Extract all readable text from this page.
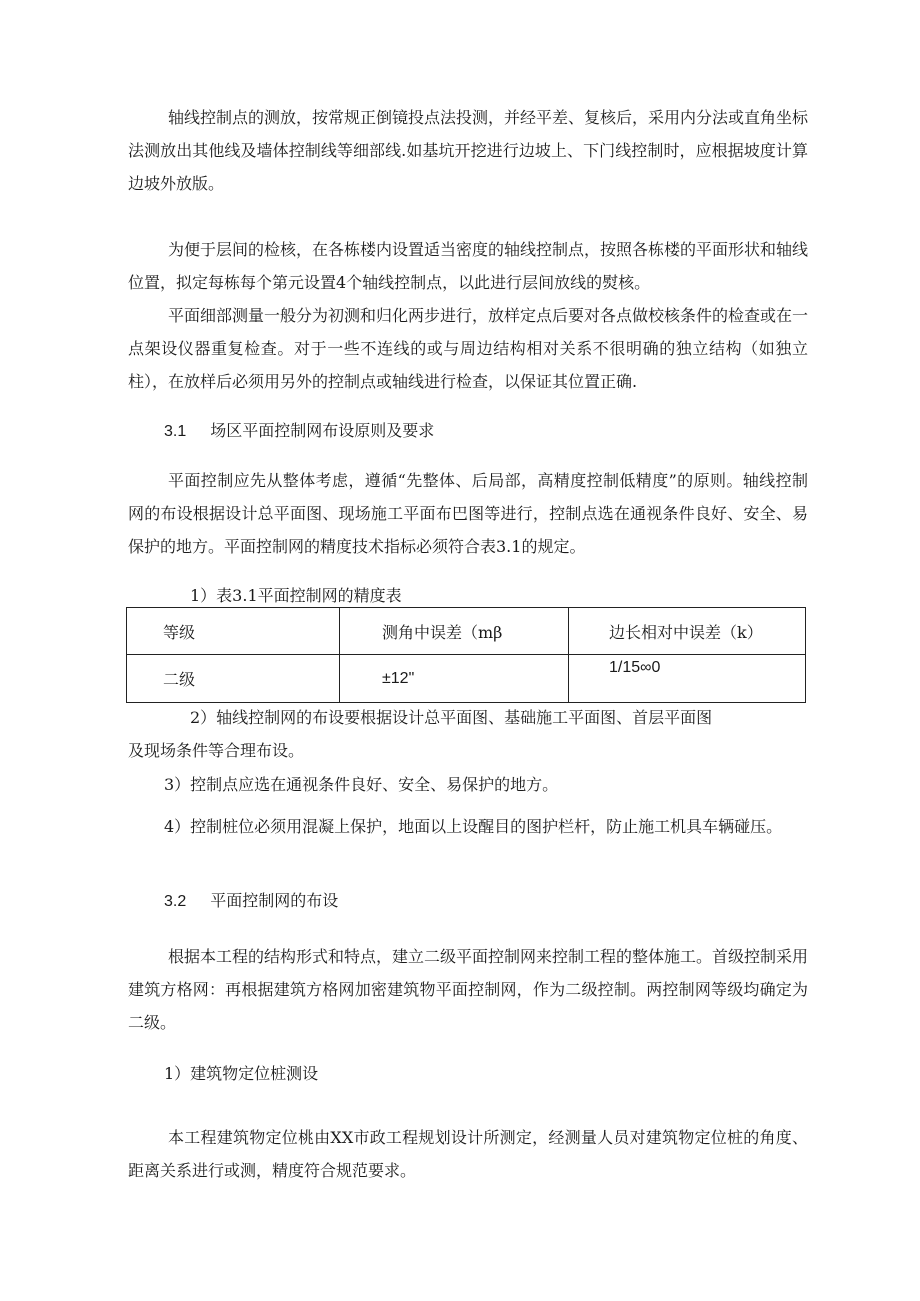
轴线控制点的测放，按常规正倒镜投点法投测，并经平差、复核后，采用内分法或直角坐标法测放出其他线及墙体控制线等细部线.如基坑开挖进行边坡上、下门线控制时，应根据坡度计算边坡外放版。

为便于层间的检核，在各栋楼内设置适当密度的轴线控制点，按照各栋楼的平面形状和轴线位置，拟定每栋每个第元设置4个轴线控制点，以此进行层间放线的熨核。

平面细部测量一般分为初测和归化两步进行，放样定点后要对各点做校核条件的检查或在一点架设仪器重复检查。对于一些不连线的或与周边结构相对关系不很明确的独立结构（如独立柱），在放样后必须用另外的控制点或轴线进行检查，以保证其位置正确.

3.1 场区平面控制网布设原则及要求

平面控制应先从整体考虑，遵循“先整体、后局部，高精度控制低精度”的原则。轴线控制网的布设根据设计总平面图、现场施工平面布巴图等进行，控制点选在通视条件良好、安全、易保护的地方。平面控制网的精度技术指标必须符合表3.1的规定。

1）表3.1平面控制网的精度表
等级	测角中误差（mβ	边长相对中误差（k）

二级	±12"	1/15∞0
2）轴线控制网的布设要根据设计总平面图、基础施工平面图、首层平面图
及现场条件等合理布设。
3）控制点应选在通视条件良好、安全、易保护的地方。

4）控制桩位必须用混凝上保护，地面以上设醒目的图护栏杆，防止施工机具车辆碰压。

3.2 平面控制网的布设

根据本工程的结构形式和特点，建立二级平面控制网来控制工程的整体施工。首级控制采用建筑方格网：再根据建筑方格网加密建筑物平面控制网，作为二级控制。两控制网等级均确定为二级。

1）建筑物定位桩测设

本工程建筑物定位桃由XX市政工程规划设计所测定，经测量人员对建筑物定位桩的角度、距离关系进行或测，精度符合规范要求。
